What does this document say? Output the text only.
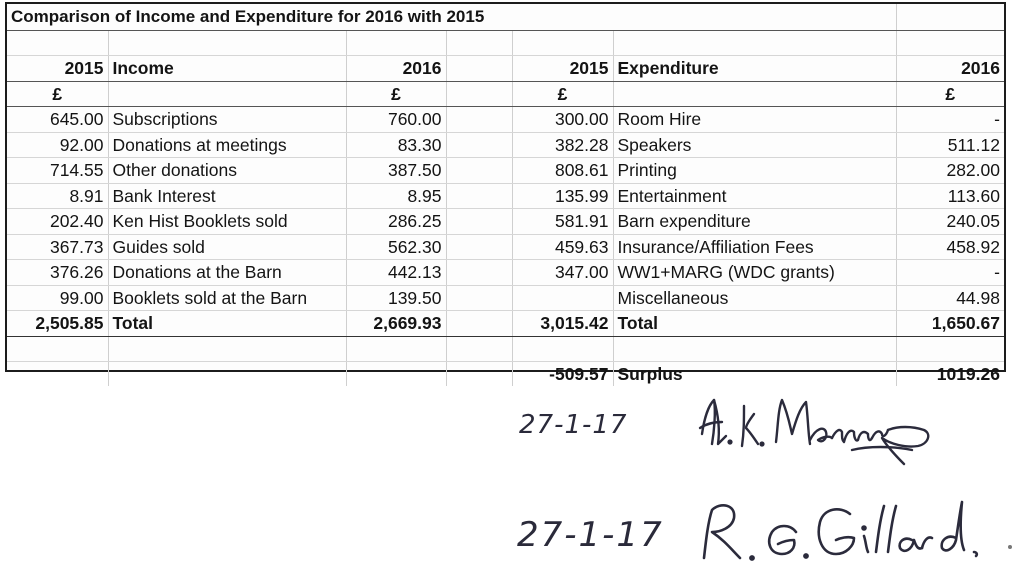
Comparison of Income and Expenditure for 2016 with 2015						

2015	Income	2016		2015	Expenditure	2016
£		£		£		£
645.00	Subscriptions	760.00		300.00	Room Hire	-
92.00	Donations at meetings	83.30		382.28	Speakers	511.12
714.55	Other donations	387.50		808.61	Printing	282.00
8.91	Bank Interest	8.95		135.99	Entertainment	113.60
202.40	Ken Hist Booklets sold	286.25		581.91	Barn expenditure	240.05
367.73	Guides sold	562.30		459.63	Insurance/Affiliation Fees	458.92
376.26	Donations at the Barn	442.13		347.00	WW1+MARG (WDC grants)	-
99.00	Booklets sold at the Barn	139.50			Miscellaneous	44.98
2,505.85	Total	2,669.93		3,015.42	Total	1,650.67

				-509.57	Surplus	1019.26
27-1-17
27-1-17
